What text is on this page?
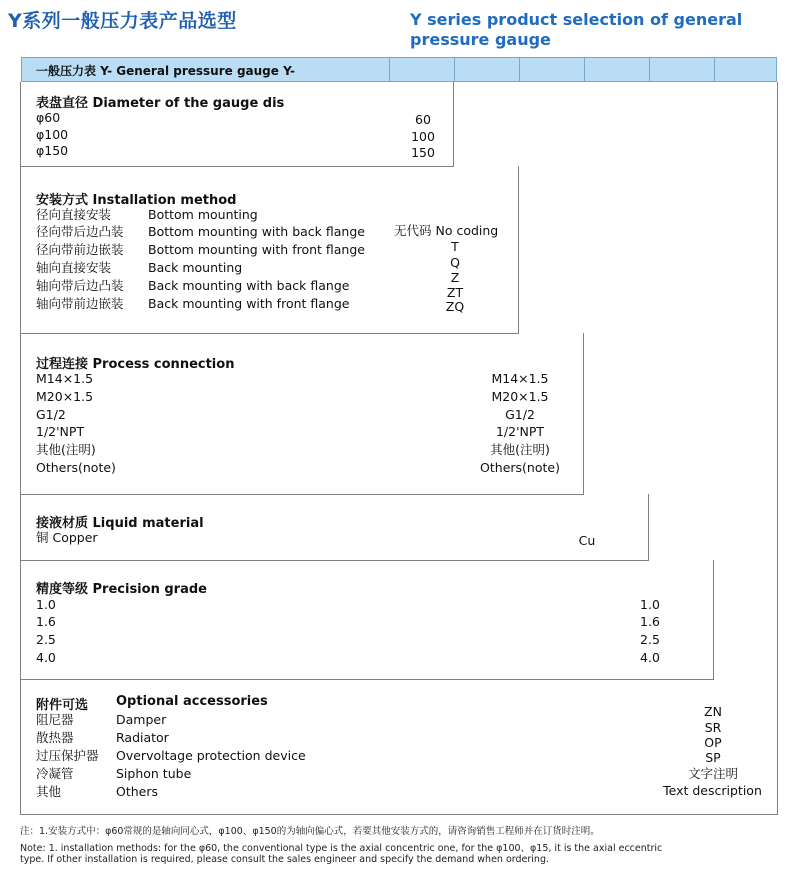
Y系列一般压力表产品选型	Y series product selection of general pressure gauge
一般压力表 Y- General pressure gauge Y-
表盘直径 Diameter of the gauge dis
φ60
φ100
φ150
60
100
150
安装方式 Installation method
径向直接安装
径向带后边凸装
径向带前边嵌装
轴向直接安装
轴向带后边凸装
轴向带前边嵌装
Bottom mounting
Bottom mounting with back flange
Bottom mounting with front flange
Back mounting
Back mounting with back flange
Back mounting with front flange
无代码 No coding
T
Q
Z
ZT
ZQ
过程连接 Process connection
M14×1.5
M20×1.5
G1/2
1/2'NPT
其他(注明)
Others(note)
M14×1.5
M20×1.5
G1/2
1/2'NPT
其他(注明)
Others(note)
接液材质 Liquid material
铜 Copper	Cu
精度等级 Precision grade
1.0
1.6
2.5
4.0
1.0
1.6
2.5
4.0
附件可选 Optional accessories
阻尼器
散热器
过压保护器
冷凝管
其他
Damper
Radiator
Overvoltage protection device
Siphon tube
Others
ZN
SR
OP
SP
文字注明
Text description
注：1.安装方式中：φ60常规的是轴向同心式，φ100、φ150的为轴向偏心式，若要其他安装方式的，请咨询销售工程师并在订货时注明。
Note: 1. installation methods: for the φ60, the conventional type is the axial concentric one, for the φ100、φ15, it is the axial eccentric
type. If other installation is required, please consult the sales engineer and specify the demand when ordering.
